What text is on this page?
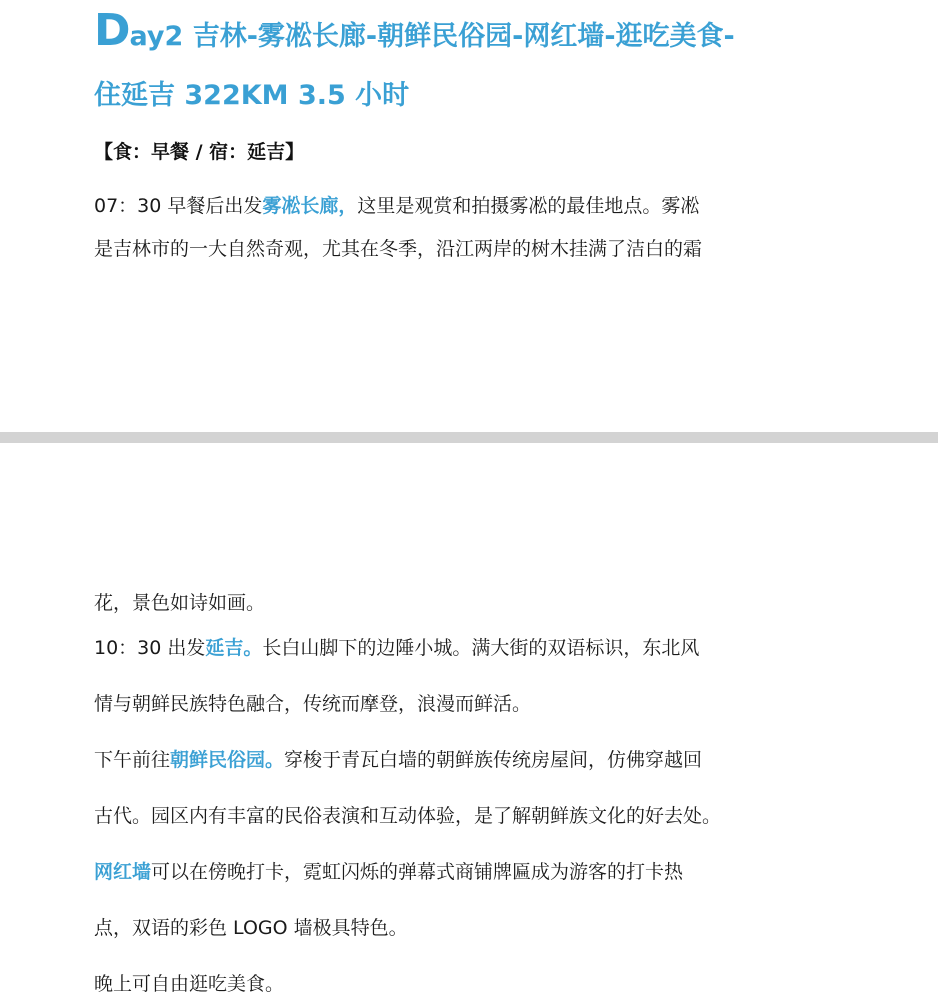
Day2 吉林-雾凇长廊-朝鲜民俗园-网红墙-逛吃美食-
住延吉 322KM 3.5 小时
【食：早餐 / 宿：延吉】
07：30 早餐后出发雾凇长廊，这里是观赏和拍摄雾凇的最佳地点。雾凇
是吉林市的一大自然奇观，尤其在冬季，沿江两岸的树木挂满了洁白的霜
花，景色如诗如画。
10：30 出发延吉。长白山脚下的边陲小城。满大街的双语标识，东北风
情与朝鲜民族特色融合，传统而摩登，浪漫而鲜活。
下午前往朝鲜民俗园。穿梭于青瓦白墙的朝鲜族传统房屋间，仿佛穿越回
古代。园区内有丰富的民俗表演和互动体验，是了解朝鲜族文化的好去处。
网红墙可以在傍晚打卡，霓虹闪烁的弹幕式商铺牌匾成为游客的打卡热
点，双语的彩色 LOGO 墙极具特色。
晚上可自由逛吃美食。
